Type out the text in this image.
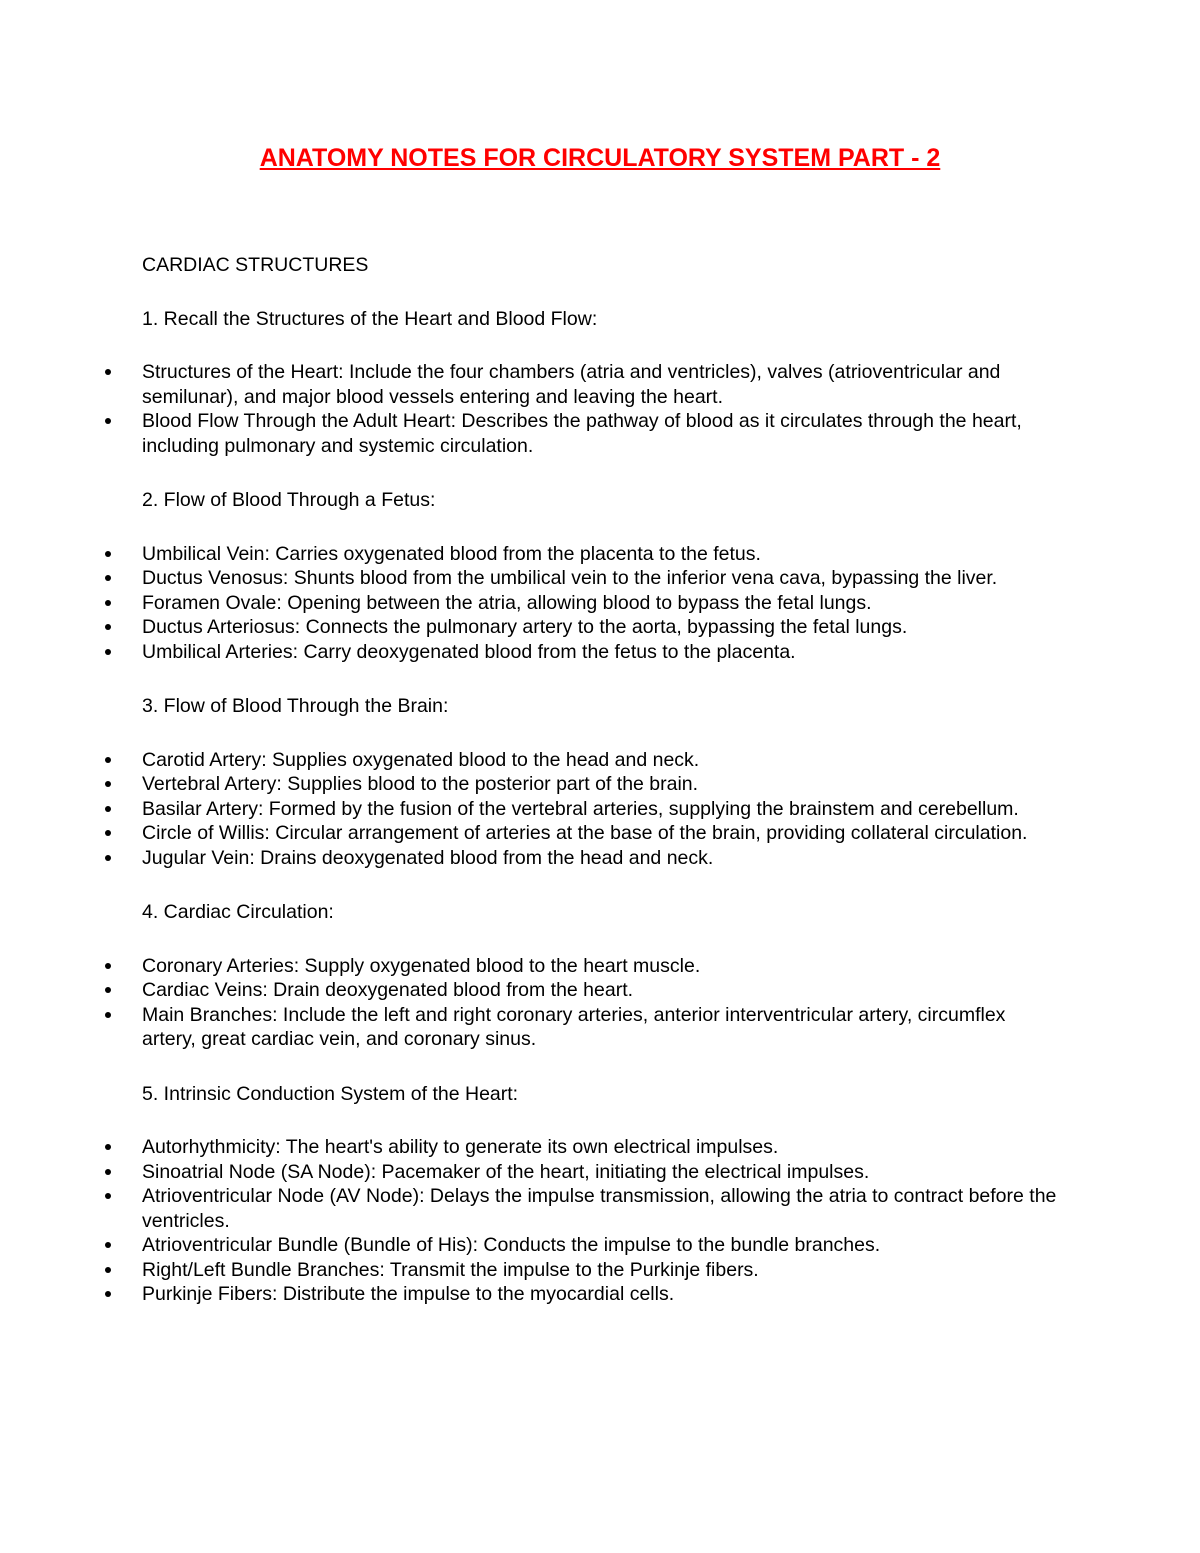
ANATOMY NOTES FOR CIRCULATORY SYSTEM PART - 2

CARDIAC STRUCTURES

1. Recall the Structures of the Heart and Blood Flow:

Structures of the Heart: Include the four chambers (atria and ventricles), valves (atrioventricular and semilunar), and major blood vessels entering and leaving the heart.
Blood Flow Through the Adult Heart: Describes the pathway of blood as it circulates through the heart, including pulmonary and systemic circulation.

2. Flow of Blood Through a Fetus:

Umbilical Vein: Carries oxygenated blood from the placenta to the fetus.
Ductus Venosus: Shunts blood from the umbilical vein to the inferior vena cava, bypassing the liver.
Foramen Ovale: Opening between the atria, allowing blood to bypass the fetal lungs.
Ductus Arteriosus: Connects the pulmonary artery to the aorta, bypassing the fetal lungs.
Umbilical Arteries: Carry deoxygenated blood from the fetus to the placenta.

3. Flow of Blood Through the Brain:

Carotid Artery: Supplies oxygenated blood to the head and neck.
Vertebral Artery: Supplies blood to the posterior part of the brain.
Basilar Artery: Formed by the fusion of the vertebral arteries, supplying the brainstem and cerebellum.
Circle of Willis: Circular arrangement of arteries at the base of the brain, providing collateral circulation.
Jugular Vein: Drains deoxygenated blood from the head and neck.

4. Cardiac Circulation:

Coronary Arteries: Supply oxygenated blood to the heart muscle.
Cardiac Veins: Drain deoxygenated blood from the heart.
Main Branches: Include the left and right coronary arteries, anterior interventricular artery, circumflex artery, great cardiac vein, and coronary sinus.

5. Intrinsic Conduction System of the Heart:

Autorhythmicity: The heart's ability to generate its own electrical impulses.
Sinoatrial Node (SA Node): Pacemaker of the heart, initiating the electrical impulses.
Atrioventricular Node (AV Node): Delays the impulse transmission, allowing the atria to contract before the ventricles.
Atrioventricular Bundle (Bundle of His): Conducts the impulse to the bundle branches.
Right/Left Bundle Branches: Transmit the impulse to the Purkinje fibers.
Purkinje Fibers: Distribute the impulse to the myocardial cells.
